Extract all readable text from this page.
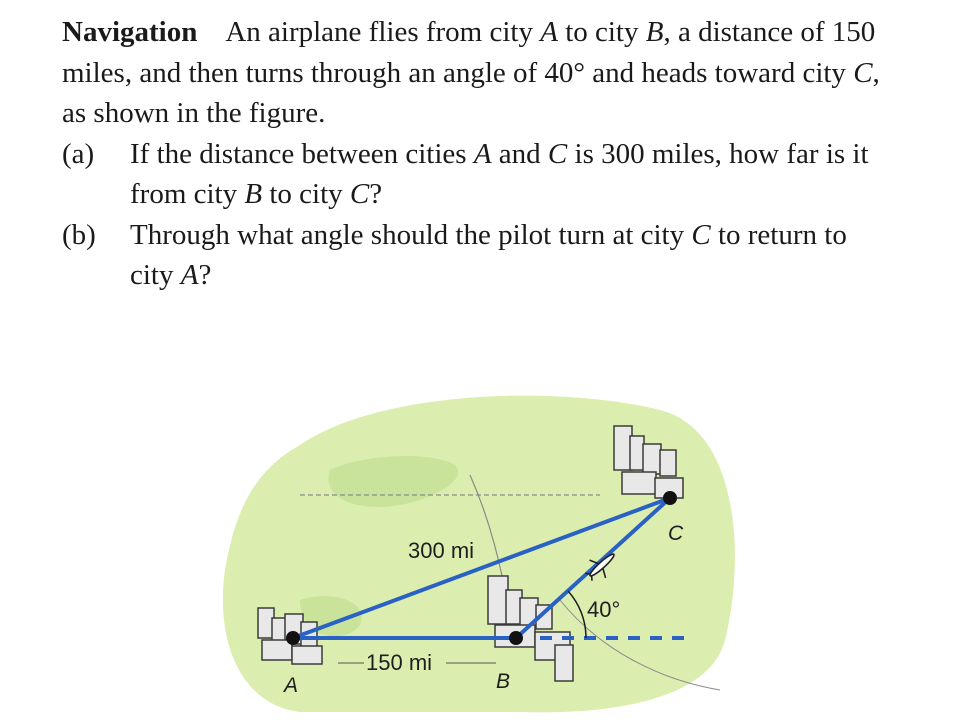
Navigation An airplane flies from city A to city B, a distance of 150 miles, and then turns through an angle of 40° and heads toward city C, as shown in the figure.

(a)	If the distance between cities A and C is 300 miles, how far is it from city B to city C?
(b)	Through what angle should the pilot turn at city C to return to city A?
300 mi
150 mi
40°
A	B
C
